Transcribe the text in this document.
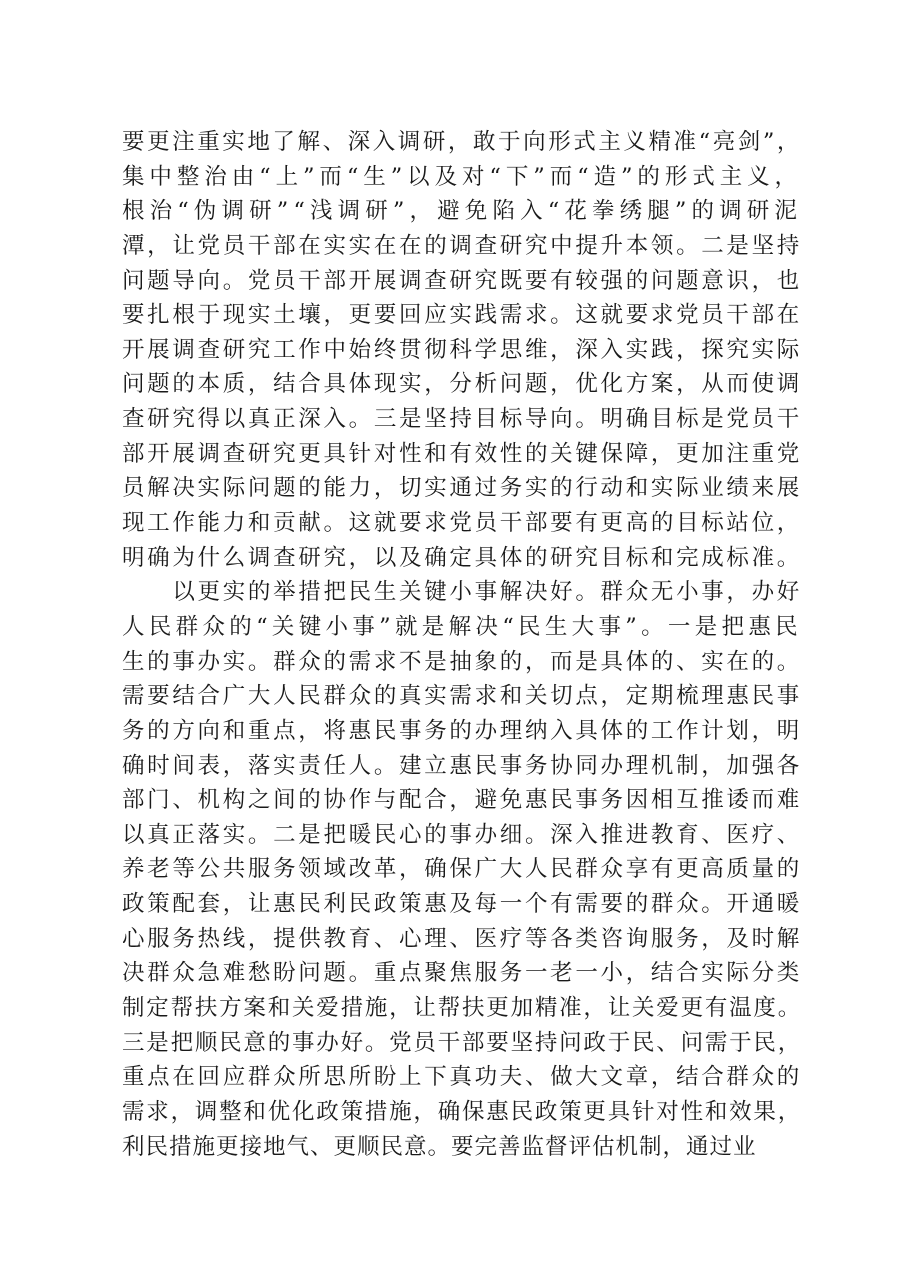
要更注重实地了解、深入调研，敢于向形式主义精准“亮剑”，
集中整治由“上”而“生”以及对“下”而“造”的形式主义，
根治“伪调研”“浅调研”，避免陷入“花拳绣腿”的调研泥
潭，让党员干部在实实在在的调查研究中提升本领。二是坚持
问题导向。党员干部开展调查研究既要有较强的问题意识，也
要扎根于现实土壤，更要回应实践需求。这就要求党员干部在
开展调查研究工作中始终贯彻科学思维，深入实践，探究实际
问题的本质，结合具体现实，分析问题，优化方案，从而使调
查研究得以真正深入。三是坚持目标导向。明确目标是党员干
部开展调查研究更具针对性和有效性的关键保障，更加注重党
员解决实际问题的能力，切实通过务实的行动和实际业绩来展
现工作能力和贡献。这就要求党员干部要有更高的目标站位，
明确为什么调查研究，以及确定具体的研究目标和完成标准。
　　以更实的举措把民生关键小事解决好。群众无小事，办好
人民群众的“关键小事”就是解决“民生大事”。一是把惠民
生的事办实。群众的需求不是抽象的，而是具体的、实在的。
需要结合广大人民群众的真实需求和关切点，定期梳理惠民事
务的方向和重点，将惠民事务的办理纳入具体的工作计划，明
确时间表，落实责任人。建立惠民事务协同办理机制，加强各
部门、机构之间的协作与配合，避免惠民事务因相互推诿而难
以真正落实。二是把暖民心的事办细。深入推进教育、医疗、
养老等公共服务领域改革，确保广大人民群众享有更高质量的
政策配套，让惠民利民政策惠及每一个有需要的群众。开通暖
心服务热线，提供教育、心理、医疗等各类咨询服务，及时解
决群众急难愁盼问题。重点聚焦服务一老一小，结合实际分类
制定帮扶方案和关爱措施，让帮扶更加精准，让关爱更有温度。
三是把顺民意的事办好。党员干部要坚持问政于民、问需于民，
重点在回应群众所思所盼上下真功夫、做大文章，结合群众的
需求，调整和优化政策措施，确保惠民政策更具针对性和效果，
利民措施更接地气、更顺民意。要完善监督评估机制，通过业
